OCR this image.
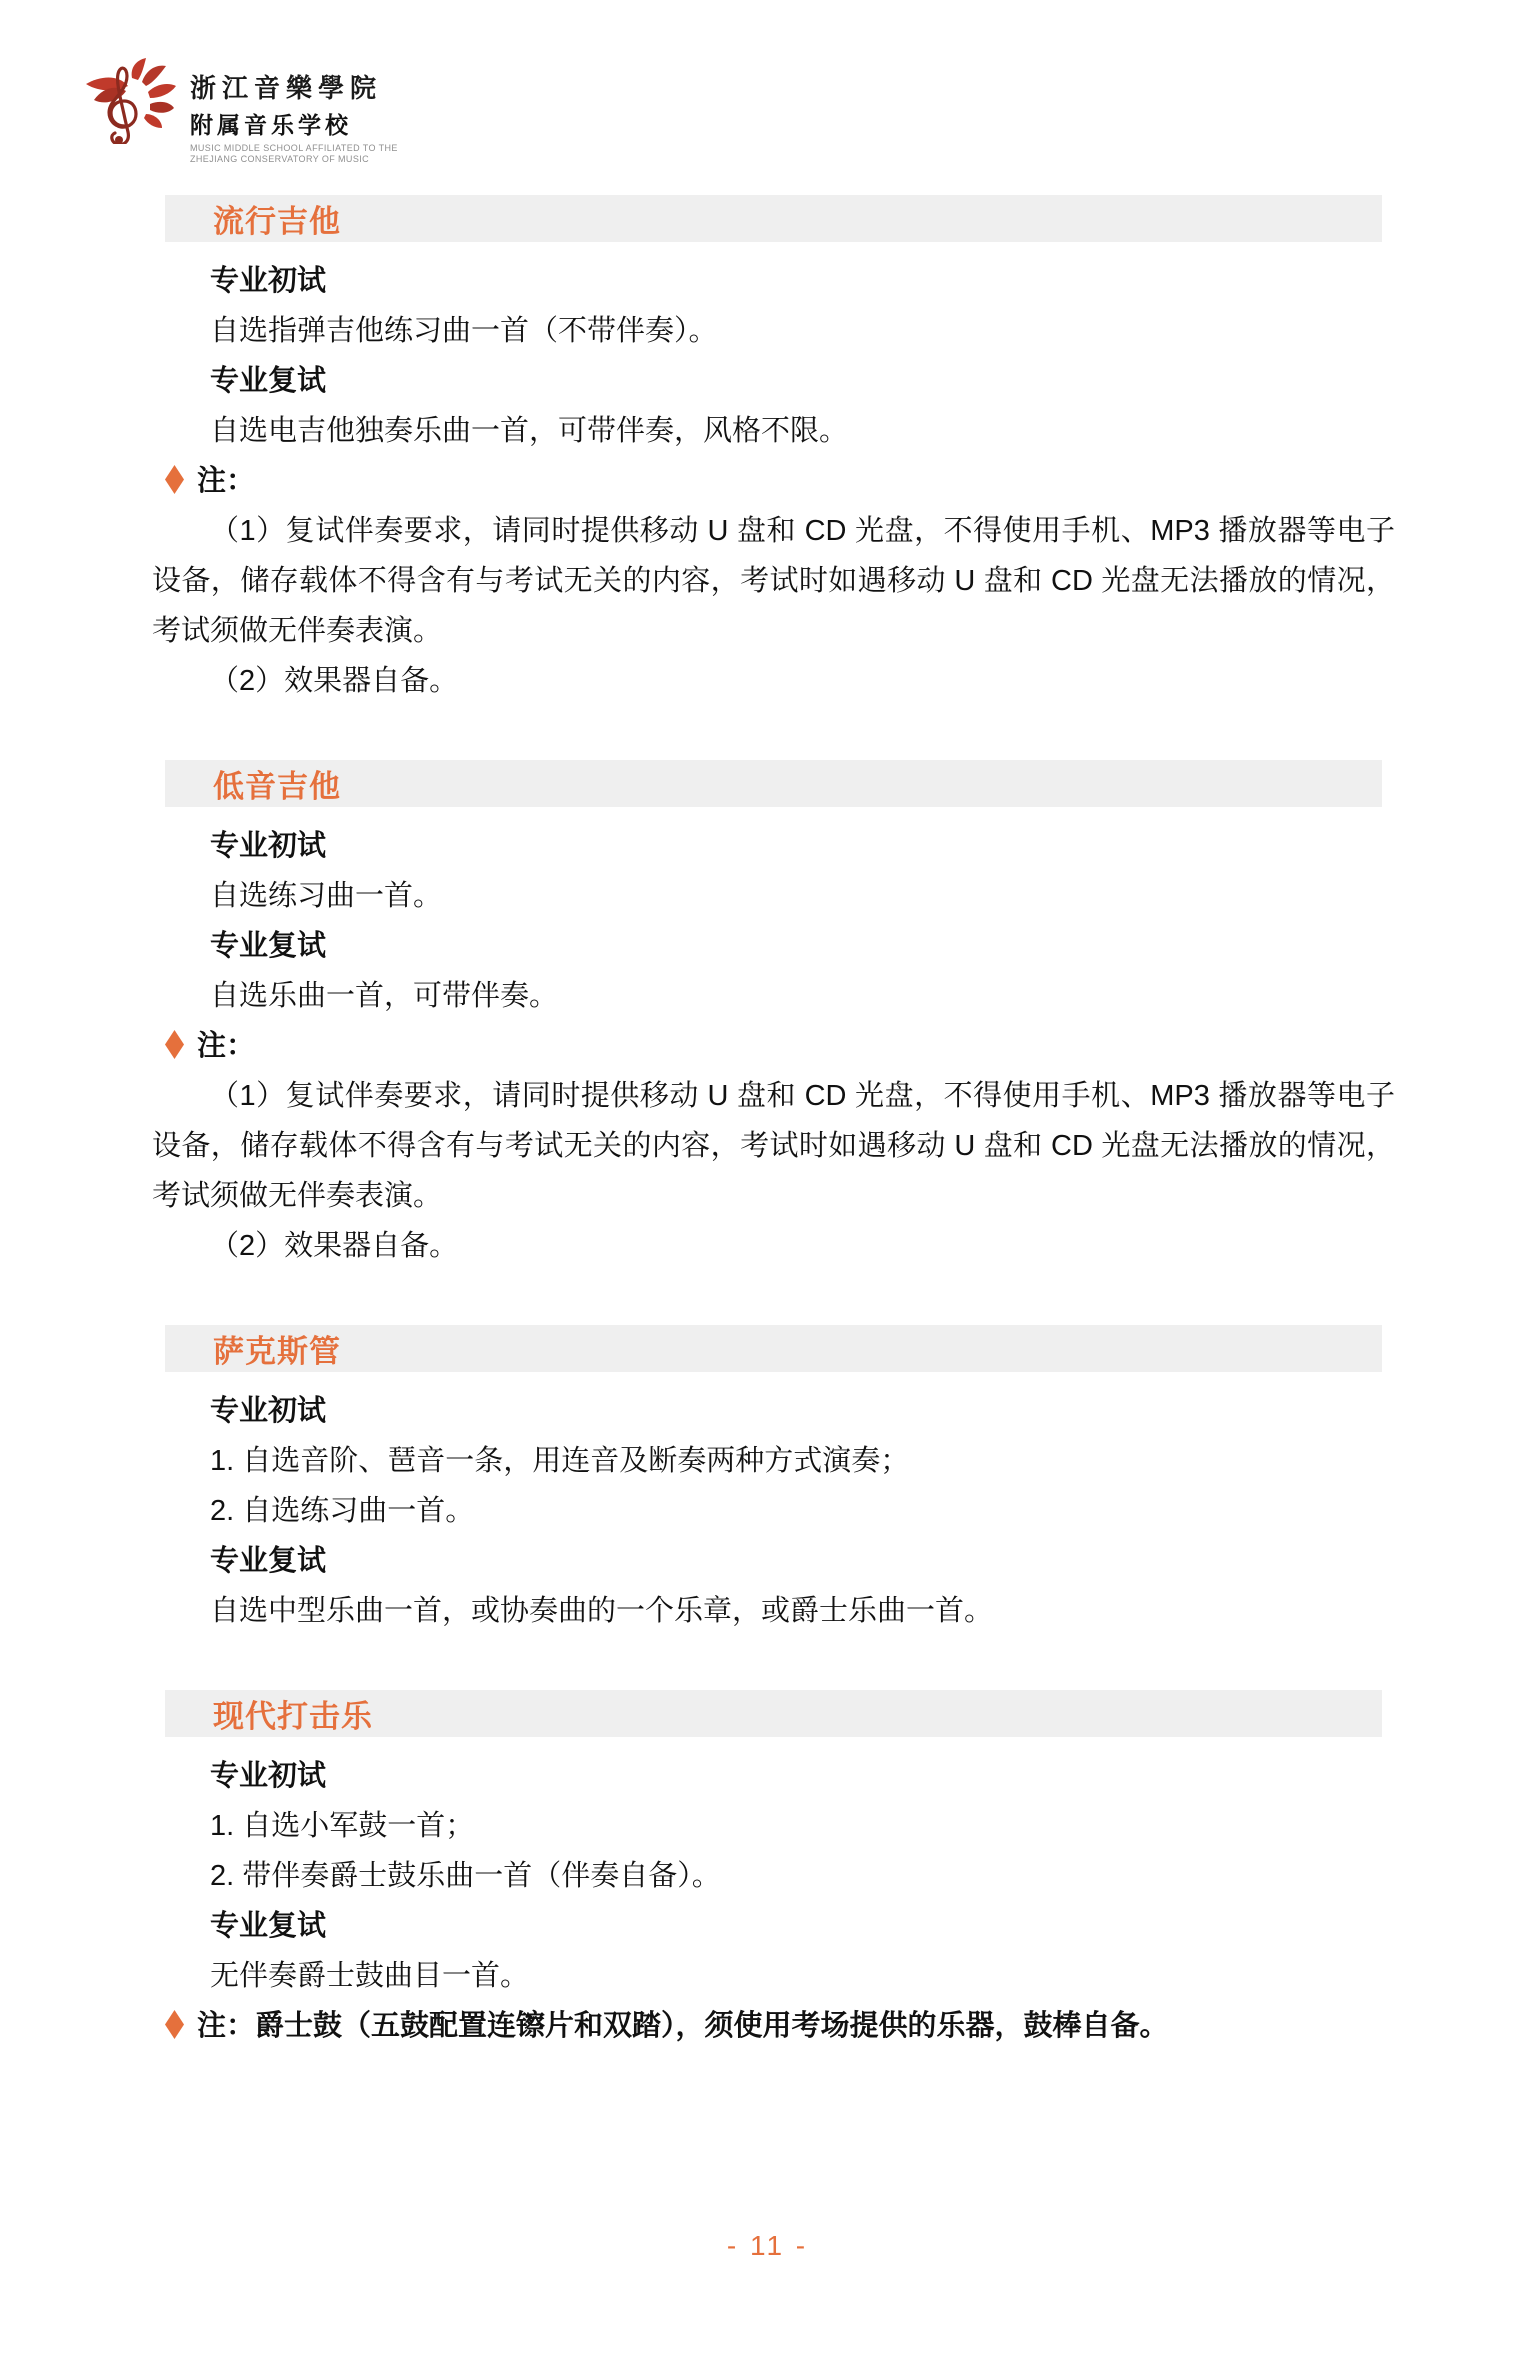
浙江音樂學院
附属音乐学校
MUSIC MIDDLE SCHOOL AFFILIATED TO THE
ZHEJIANG CONSERVATORY OF MUSIC
流行吉他

专业初试

自选指弹吉他练习曲一首（不带伴奏）。

专业复试

自选电吉他独奏乐曲一首，可带伴奏，风格不限。

注：

（1）复试伴奏要求，请同时提供移动 U 盘和 CD 光盘，不得使用手机、MP3 播放器等电子设备，储存载体不得含有与考试无关的内容，考试时如遇移动 U 盘和 CD 光盘无法播放的情况，考试须做无伴奏表演。

（2）效果器自备。

低音吉他

专业初试

自选练习曲一首。

专业复试

自选乐曲一首，可带伴奏。

注：

（1）复试伴奏要求，请同时提供移动 U 盘和 CD 光盘，不得使用手机、MP3 播放器等电子设备，储存载体不得含有与考试无关的内容，考试时如遇移动 U 盘和 CD 光盘无法播放的情况，考试须做无伴奏表演。

（2）效果器自备。

萨克斯管

专业初试

1. 自选音阶、琶音一条，用连音及断奏两种方式演奏；

2. 自选练习曲一首。

专业复试

自选中型乐曲一首，或协奏曲的一个乐章，或爵士乐曲一首。

现代打击乐

专业初试

1. 自选小军鼓一首；

2. 带伴奏爵士鼓乐曲一首（伴奏自备）。

专业复试

无伴奏爵士鼓曲目一首。

注：爵士鼓（五鼓配置连镲片和双踏），须使用考场提供的乐器，鼓棒自备。

- 11 -
